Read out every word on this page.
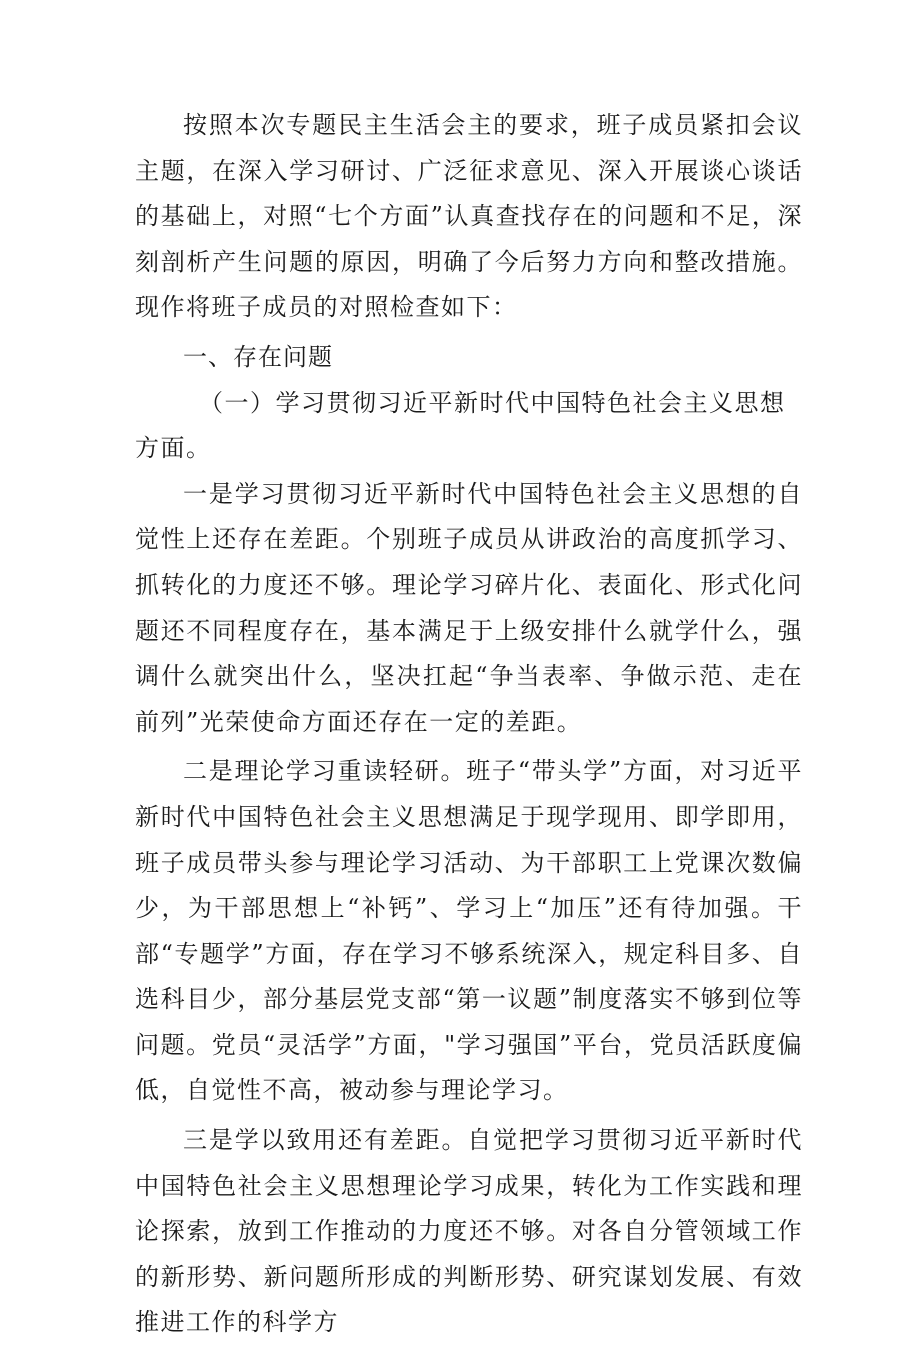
按照本次专题民主生活会主的要求，班子成员紧扣会议主题，在深入学习研讨、广泛征求意见、深入开展谈心谈话的基础上，对照“七个方面”认真查找存在的问题和不足，深刻剖析产生问题的原因，明确了今后努力方向和整改措施。现作将班子成员的对照检查如下：

一、存在问题

（一）学习贯彻习近平新时代中国特色社会主义思想方面。

一是学习贯彻习近平新时代中国特色社会主义思想的自觉性上还存在差距。个别班子成员从讲政治的高度抓学习、抓转化的力度还不够。理论学习碎片化、表面化、形式化问题还不同程度存在，基本满足于上级安排什么就学什么，强调什么就突出什么，坚决扛起“争当表率、争做示范、走在前列”光荣使命方面还存在一定的差距。

二是理论学习重读轻研。班子“带头学”方面，对习近平新时代中国特色社会主义思想满足于现学现用、即学即用，班子成员带头参与理论学习活动、为干部职工上党课次数偏少，为干部思想上“补钙”、学习上“加压”还有待加强。干部“专题学”方面，存在学习不够系统深入，规定科目多、自选科目少，部分基层党支部“第一议题”制度落实不够到位等问题。党员“灵活学”方面，"学习强国”平台，党员活跃度偏低，自觉性不高，被动参与理论学习。

三是学以致用还有差距。自觉把学习贯彻习近平新时代中国特色社会主义思想理论学习成果，转化为工作实践和理论探索，放到工作推动的力度还不够。对各自分管领域工作的新形势、新问题所形成的判断形势、研究谋划发展、有效推进工作的科学方
